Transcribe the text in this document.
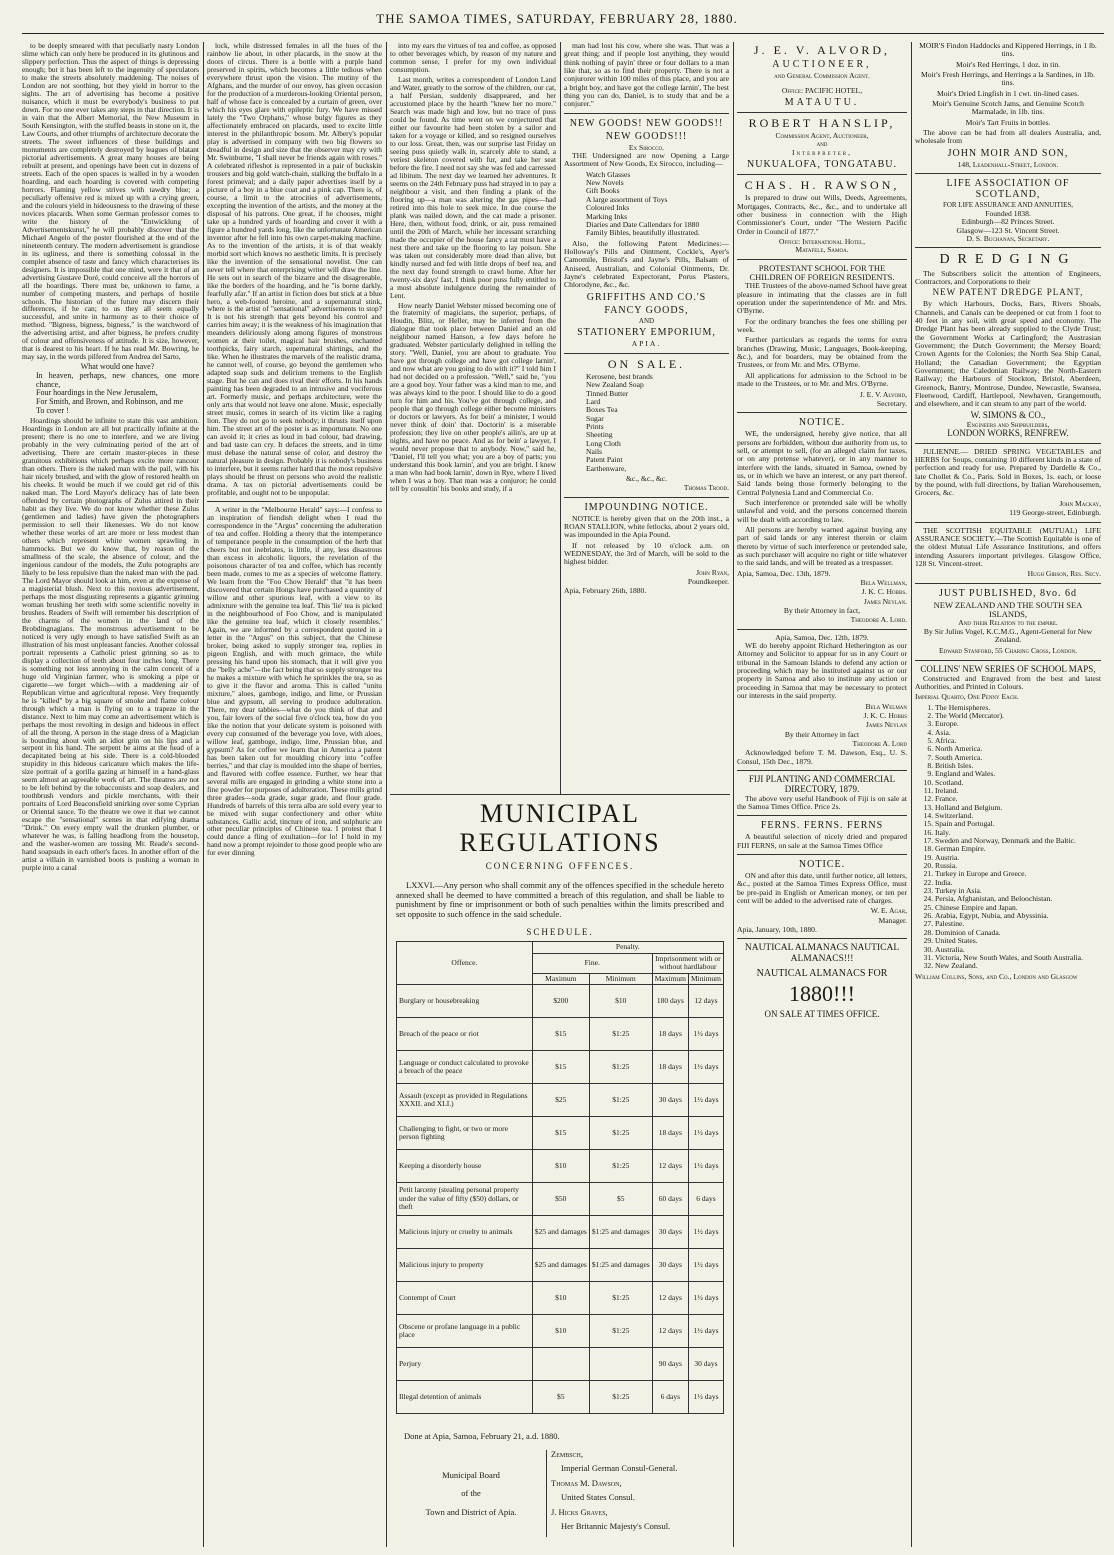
THE SAMOA TIMES, SATURDAY, FEBRUARY 28, 1880.

to be deeply smeared with that peculiarly nasty London slime which can only here be produced in its glutinous and slippery perfection. Thus the aspect of things is depressing enough; but it has been left to the ingenuity of speculators to make the streets absolutely maddening. The noises of London are not soothing, but they yield in horror to the sights. The art of advertising has become a positive nuisance, which it must be everybody's business to put down. For no one ever takes any steps in that direction. It is in vain that the Albert Memorial, the New Museum in South Kensington, with the stuffed beasts in stone on it, the Law Courts, and other triumphs of architecture decorate the streets. The sweet influences of these buildings and monuments are completely destroyed by leagues of blatant pictorial advertisements. A great many houses are being rebuilt at present, and openings have been cut in dozens of streets. Each of the open spaces is walled in by a wooden hoarding, and each hoarding is covered with competing horrors. Flaming yellow strives with tawdry blue; a peculiarly offensive red is mixed up with a crying green, and the colours yield in hideousness to the drawing of these novices placards. When some German professor comes to write the history of the "Entwicklung of Advertisementskunst," he will probably discover that the Michael Angelo of the poster flourished at the end of the nineteenth century. The modern advertisement is grandiose in its ugliness, and there is something colossal in the complet absence of taste and fancy which characterises its designers. It is impossible that one mind, were it that of an advertising Gustave Doré, could conceive all the horrors of all the hoardings. There must be, unknown to fame, a number of competing masters, and perhaps of hostile schools. The historian of the future may discern their differences, if he can; to us they all seem equally successful, and unite in harmony as to their choice of method. "Bigness, bigness, bigness," is the watchword of the advertising artist, and after bigness, he prefers crudity of colour and offensiveness of attitude. It is size, however, that is dearest to his heart. If he has read Mr. Bowring, he may say, in the words pilfered from Andrea del Sarto,

What would one have?
In heaven, perhaps, new chances, one more chance,
Four hoardings in the New Jerusalem,
For Smith, and Brown, and Robinson, and me
To cover !

Hoardings should be infinite to state this vast ambition. Hoardings in London are all but practically infinite at the present; there is no one to interfere, and we are living probably in the very culminating period of the art of advertising. There are certain master-pieces in these gratuitous exhibitions which perhaps excite more rancour than others. There is the naked man with the pail, with his hair nicely brushed, and with the glow of restored health on his cheeks. It would be much if we could get rid of this naked man. The Lord Mayor's delicacy has of late been offended by certain photographs of Zulus attired in their habit as they live. We do not know whether these Zulus (gentlemen and ladies) have given the photographers permission to sell their likenesses. We do not know whether these works of art are more or less modest than others which represent white women sprawling in hammocks. But we do know that, by reason of the smallness of the scale, the absence of colour, and the ingenious candour of the models, the Zulu potographs are likely to be less repulsive than the naked man with the pad. The Lord Mayor should look at him, even at the expense of a magisterial blush. Next to this noxious advertisement, perhaps the most disgusting represents a gigantic grinning woman brushing her teeth with some scientific novelty in brushes. Readers of Swift will remember his description of the charms of the women in the land of the Brobdingnagians. The monstrous advertisement to be noticed is very ugly enough to have satisfied Swift as an illustration of his most unpleasant fancies. Another colossal portrait represents a Catholic priest grinning so as to display a collection of teeth about four inches long. There is something not less annoying in the calm conceit of a huge old Virginian farmer, who is smoking a pipe or cigarette—we forget which—with a maddening air of Republican virtue and agricultural repose. Very frequently he is "killed" by a big square of smoke and flame colour through which a man is flying on to a trapeze in the distance. Next to him may come an advertisement which is perhaps the most revolting in design and hideous in effect of all the throng. A person in the stage dress of a Magician is bounding about with an idiot grin on his lips and a serpent in his hand. The serpent he aims at the head of a decapitated being at his side. There is a cold-blooded stupidity in this hideous caricature which makes the life-size portrait of a gorilla gazing at himself in a hand-glass seem almost an agreeable work of art. The theatres are not to be left behind by the tobacconists and soap dealers, and toothbrush vendors and pickle merchants, with their portraits of Lord Beaconsfield smirking over some Cyprian or Oriental sauce. To the theatre we owe it that we cannot escape the "sensational" scenes in that edifying drama "Drink." On every empty wall the drunken plumber, or whatever he was, is falling headlong from the housetop, and the washer-women are tossing Mr. Reade's second-hand soapsuds in each other's faces. In another effort of the artist a villain in varnished boots is pushing a woman in purple into a canal

lock, while distressed females in all the hues of the rainbow lie about, in other placards, in the snow at the doors of circus. There is a bottle with a purple hand preserved in spirits, which becomes a little tedious when everywhere thrust upon the vision. The mutiny of the Afghans, and the murder of our envoy, has given occasion for the production of a murderous-looking Oriental person, half of whose face is concealed by a curtain of green, over which his eyes glare with epileptic fury. We have missed lately the "Two Orphans," whose bulgy figures as they affectionately embraced on placards, used to excite little interest in the philanthropic bosom. Mr. Albery's popular play is advertised in company with two big flowers so dreadful in design and size that the observer may cry with Mr. Swinburne, "I shall never be friends again with roses." A celebrated rifleshot is represented in a pair of buckskin trousers and big gold watch-chain, stalking the buffalo in a forest primeval; and a daily paper advertises itself by a picture of a boy in a blue coat and a pink cap. There is, of course, a limit to the atrocities of advertisements, excepting the invention of the artists, and the money at the disposal of his patrons. One great, if he chooses, might take up a hundred yards of hoarding and cover it with a figure a hundred yards long, like the unfortunate American inventor after he fell into his own carpet-making machine. As to the invention of the artists, it is of that weakly morbid sort which knows no aesthetic limits. It is precisely like the invention of the sensational novelist. One can never tell where that enterprising writer will draw the line. He sets out in search of the bizarre and the disagreeable, like the borders of the hoarding, and he "is borne darkly, fearfully afar." If an artist in fiction does but stick at a blue hero, a web-footed heroine, and a supernatural stink, where is the artist of "sensational" advertisements to stop? It is not his strength that gets beyond his control and carries him away; it is the weakness of his imagination that meanders deliriously along among figures of monstrous women at their toilet, magical hair brushes, enchanted toothpicks, fairy starch, supernatural shirtings, and the like. When he illustrates the marvels of the realistic drama, he cannot well, of course, go beyond the gentlemen who adapted soap suds and delirium tremens to the English stage. But he can and does rival their efforts. In his hands painting has been degraded to an intrusive and vociferous art. Formerly music, and perhaps architecture, were the only arts that would not leave one alone. Music, especially street music, comes in search of its victim like a raging lion. They do not go to seek nobody; it thrusts itself upon him. The street art of the poster is as importunate. No one can avoid it; it cries as loud in bad colour, bad drawing, and bad taste can cry. It defaces the streets, and in time must debase the natural sense of color, and destroy the natural pleasure in design. Probably it is nobody's business to interfere, but it seems rather hard that the most repulsive plays should be thrust on persons who avoid the realistic drama. A tax on pictorial advertisements could be profitable, and ought not to be unpopular.

A writer in the "Melbourne Herald" says:—I confess to an inspiration of fiendish delight when I read the correspondence in the "Argus" concerning the adulteration of tea and coffee. Holding a theory that the intemperance of temperance people in the consumption of the herb that cheers but not inebriates, is little, if any, less disastrous than excess in alcoholic liquors, the revelation of the poisonous character of tea and coffee, which has recently been made, comes to me as a species of welcome flattery. We learn from the "Foo Chow Herald" that "it has been discovered that certain Hongs have purchased a quantity of willow and other spurious leaf, with a view to its admixture with the genuine tea leaf. This 'lie' tea is picked in the neighbourhood of Foo Chow, and is manipulated like the genuine tea leaf, which it closely resembles.' Again, we are informed by a correspondent quoted in a letter in the "Argus" on this subject, that the Chinese broker, being asked to supply stronger tea, replies in pigeon English, and with much grimace, the while pressing his hand upon his stomach, that it will give you the "belly ache"—the fact being that so supply stronger tea he makes a mixture with which he sprinkles the tea, so as to give it the flavor and aroma. This is called "unitu mixture," aloes, gamboge, indigo, and lime, or Prussian blue and gypsum, all serving to produce adulteration. There, my dear tabbies—what do you think of that and you, fair lovers of the social five o'clock tea, how do you like the notion that your delicate system is poisoned with every cup consumed of the beverage you love, with aloes, willow leaf, gamboge, indigo, lime, Prussian blue, and gypsum? As for coffee we learn that in America a patent has been taken out for moulding chicory into "coffee berries," and that clay is moulded into the shape of berries, and flavored with coffee essence. Further, we hear that several mills are engaged in grinding a white stone into a fine powder for purposes of adulteration. These mills grind three grades—soda grade, sugar grade, and flour grade. Hundreds of barrels of this terra alba are sold every year to be mixed with sugar confectionery and other white substances. Gallic acid, tincture of iron, and sulphuric are other peculiar principles of Chinese tea. I protest that I could dance a fling of exultation—for lo! I hold in my hand now a prompt rejoinder to those good people who are for ever dinning

into my ears the virtues of tea and coffee, as opposed to other beverages which, by reason of my nature and common sense, I prefer for my own individual consumption.

Last month, writes a correspondent of London Land and Water, greatly to the sorrow of the children, our cat, a half Persian, suddenly disappeared, and her accustomed place by the hearth "knew her no more." Search was made high and low, but no trace of puss could be found. As time went on we conjectured that either our favourite had been stolen by a sailor and taken for a voyage or killed, and so resigned ourselves to our loss. Great, then, was our surprise last Friday on seeing puss quietly walk in, scarcely able to stand, a veriest skeleton covered with fur, and take her seat before the fire. I need not say she was fed and carressed ad libitum. The next day we learned her adventures. It seems on the 24th February puss had strayed in to pay a neighbour a visit, and then finding a plank of the flooring up—a man was altering the gas pipes—had retired into this hole to seek mice. In due course the plank was nailed down, and the cat made a prisoner. Here, then, without food, drink, or air, puss remained until the 20th of March, while her incessant scratching made the occupier of the house fancy a rat must have a nest there and take up the flooring to lay poison. She was taken out considerably more dead than alive, but kindly nursed and fed with little drops of beef tea, and the next day found strength to crawl home. After her twenty-six days' fast, I think poor puss fully entitled to a most absolute indulgence during the remainder of Lent.

How nearly Daniel Webster missed becoming one of the fraternity of magicians, the superior, perhaps, of Houdin, Blitz, or Heller, may be inferred from the dialogue that took place between Daniel and an old neighbour named Hanson, a few days before he graduated. Webster particularly delighted in telling the story. "Well, Daniel, you are about to graduate. You have got through college and have got college larnin', and now what are you going to do with it?" I told him I had not decided on a profession. "Well," said he, "you are a good boy. Your father was a kind man to me, and was always kind to the poor. I should like to do a good turn for him and his. You've got through college, and people that go through college either become ministers or doctors or lawyers. As for bein' a minister, I would never think of doin' that. Doctorin' is a miserable profession; they live on other people's ailin's, are up at nights, and have no peace. And as for bein' a lawyer, I would never propose that to anybody. Now," said he, "Daniel, I'll tell you what; you are a boy of parts; you understand this book larnin', and you are bright. I knew a man who had book larnin', down in Rye, where I lived when I was a boy. That man was a conjuror; he could tell by consultin' his books and study, if a

man had lost his cow, where she was. That was a great thing; and if people lost anything, they would think nothing of payin' three or four dollars to a man like that, so as to find their property. There is not a conjurorer within 100 miles of this place, and you are a bright boy, and have got the college larnin', The best thing you can do, Daniel, is to study that and be a conjurer."

NEW GOODS! NEW GOODS!!
NEW GOODS!!!
Ex Sirocco.

THE Undersigned are now Opening a Large Assortment of New Goods, Ex Sirocco, including—

Watch Glasses
New Novels
Gift Books
A large assortment of Toys
Coloured Inks
Marking Inks
Diaries and Date Callendars for 1880
Family Bibles, beautifully illustrated.

Also, the following Patent Medicines:—Holloway's Pills and Ointment, Cockle's, Ayer's Camomile, Bristol's and Jayne's Pills, Balsam of Aniseed, Australian, and Colonial Ointments, Dr. Jayne's celebrated Expectorant, Porus Plasters, Chlorodyne, &c., &c.

GRIFFITHS AND CO.'S
FANCY GOODS,
AND
STATIONERY EMPORIUM,
APIA.
ON SALE.
Kerosene, best brands
New Zealand Soap
Tinned Butter
Lard
Boxes Tea
Sugar
Prints
Sheeting
Long Cloth
Nails
Patent Paint
Earthenware,
&c., &c., &c.
Thomas Trood.
IMPOUNDING NOTICE.

NOTICE is hereby given that on the 20th inst., a ROAN STALLION, white fetlocks, about 2 years old, was impounded in the Apia Pound.

If not released by 10 o'clock a.m. on WEDNESDAY, the 3rd of March, will be sold to the highest bidder.

John Ryan,
Poundkeeper.
Apia, February 26th, 1880.
MUNICIPAL REGULATIONS
CONCERNING OFFENCES.

LXXVI.—Any person who shall commit any of the offences specified in the schedule hereto annexed shall be deemed to have committed a breach of this regulation, and shall be liable to punishment by fine or imprisonment or both of such penalties within the limits prescribed and set opposite to such offence in the said schedule.

SCHEDULE.
Offence.	Penalty.			
	Fine.		Imprisonment with or without hardlabour	
	Maximum	Minimum	Maximum	Minimum
Burglary or housebreaking	$200	$10	180 days	12 days
Breach of the peace or riot	$15	$1:25	18 days	1½ days
Language or conduct calculated to provoke a breach of the peace	$15	$1:25	18 days	1½ days
Assault (except as provided in Regulations XXXII. and XLI.)	$25	$1:25	30 days	1½ days
Challenging to fight, or two or more person fighting	$15	$1:25	18 days	1½ days
Keeping a disorderly house	$10	$1:25	12 days	1½ days
Petit larceny (stealing personal property under the value of fifty ($50) dollars, or theft	$50	$5	60 days	6 days
Malicious injury or cruelty to animals	$25 and damages	$1:25 and damages	30 days	1½ days
Malicious injury to property	$25 and damages	$1:25 and damages	30 days	1½ days
Contempt of Court	$10	$1:25	12 days	1½ days
Obscene or profane language in a public place	$10	$1:25	12 days	1½ days
Perjury			90 days	30 days
Illegal detention of animals	$5	$1:25	6 days	1½ days
Done at Apia, Samoa, February 21, a.d. 1880.
Municipal Board
of the
Town and District of Apia.
Zembsch,
Imperial German Consul-General.
Thomas M. Dawson,
United States Consul.
J. Hicks Graves,
Her Britannic Majesty's Consul.
J. E. V. ALVORD,
AUCTIONEER,
and General Commission Agent.
Office: PACIFIC HOTEL,
MATAUTU.
ROBERT HANSLIP,
Commission Agent, Auctioneer,
and
Interpreter,
NUKUALOFA, TONGATABU.
CHAS. H. RAWSON,

Is prepared to draw out Wills, Deeds, Agreements, Mortgages, Contracts, &c., &c., and to undertake all other business in connection with the High Commissioner's Court, under "The Western Pacific Order in Council of 1877."

Office: International Hotel,
Matafele, Samoa.
PROTESTANT SCHOOL FOR THE CHILDREN OF FOREIGN RESIDENTS.

THE Trustees of the above-named School have great pleasure in intimating that the classes are in full operation under the superintendence of Mr. and Mrs. O'Byrne.

For the ordinary branches the fees one shilling per week.

Further particulars as regards the terms for extra branches (Drawing, Music, Languages, Book-keeping, &c.), and for boarders, may be obtained from the Trustees, or from Mr. and Mrs. O'Byrne.

All applications for admission to the School to be made to the Trustees, or to Mr. and Mrs. O'Byrne.

J. E. V. Alvord,
Secretary.
NOTICE.

WE, the undersigned, hereby give notice, that all persons are forbidden, without due authority from us, to sell, or attempt to sell, (for an alleged claim for taxes, or on any pretense whatever), or in any manner to interfere with the lands, situated in Samoa, owned by us, or in which we have an interest, or any part thereof. Said lands being those formerly belonging to the Central Polynesia Land and Commercial Co.

Such interference or pretended sale will be wholly unlawful and void, and the persons concerned therein will be dealt with according to law.

All persons are hereby warned against buying any part of said lands or any interest therein or claim thereto by virtue of such interference or pretended sale, as such purchaser will acquire no right or title whatever to the said lands, and will be treated as a trespasser.

Apia, Samoa, Dec. 13th, 1879.
Bela Wellman,
J. K. C. Hobbs.
James Neylan.
By their Attorney in fact,
Theodore A. Lord.
Apia, Samoa, Dec. 12th, 1879.

WE do hereby appoint Richard Hetherington as our Attorney and Solicitor to appear for us in any Court or tribunal in the Samoan Islands to defend any action or proceeding which may be instituted against us or our property in Samoa and also to institute any action or proceeding in Samoa that may be necessary to protect our interests in the said property.

Bela Welman
J. K. C. Hobbs
James Neylan
By their Attorney in fact
Theodore A. Lord

Acknowledged before T. M. Dawson, Esq., U. S. Consul, 15th Dec., 1879.

FIJI PLANTING AND COMMERCIAL DIRECTORY, 1879.

The above very useful Handbook of Fiji is on sale at the Samoa Times Office. Price 2s.

FERNS. FERNS. FERNS

A beautiful selection of nicely dried and prepared FIJI FERNS, on sale at the Samoa Times Office

NOTICE.

ON and after this date, until further notice, all letters, &c., posted at the Samoa Times Express Office, must be pre-paid in English or American money, or ten per cent will be added to the advertised rate of charges.

W. E. Agar,
Manager.
Apia, January, 10th, 1880.
NAUTICAL ALMANACS NAUTICAL ALMANACS!!!
NAUTICAL ALMANACS FOR
1880!!!
ON SALE AT TIMES OFFICE.

MOIR'S Findon Haddocks and Kippered Herrings, in 1 lb. tins.

Moir's Red Herrings, 1 doz. in tin.

Moir's Fresh Herrings, and Herrings a la Sardines, in 1lb. tins.

Moir's Dried Lingfish in 1 cwt. tin-lined cases.

Moir's Genuine Scotch Jams, and Genuine Scotch Marmalade, in 1lb. tins.

Moir's Tart Fruits in bottles.

The above can be had from all dealers Australia, and, wholesale from

JOHN MOIR AND SON,
148, Leadenhall-Street, London.
LIFE ASSOCIATION OF SCOTLAND,
FOR LIFE ASSURANCE AND ANNUITIES,
Founded 1838.
Edinburgh—82 Princes Street.
Glasgow—123 St. Vincent Street.
D. S. Buchanan, Secretary.
DREDGING

The Subscribers solicit the attention of Engineers, Contractors, and Corporations to their

NEW PATENT DREDGE PLANT,

By which Harbours, Docks, Bars, Rivers Shoals, Channels, and Canals can be deepened or cut from 1 foot to 40 feet in any soil, with great speed and economy. The Dredge Plant has been already supplied to the Clyde Trust; the Government Works at Carlingford; the Austrasian Government; the Dutch Government; the Mersey Board; Crown Agents for the Colonies; the North Sea Ship Canal, Holland; the Canadian Government; the Egyptian Government; the Caledonian Railway; the North-Eastern Railway; the Harbours of Stockton, Bristol, Aberdeen, Greenock, Bantry, Montrose, Dundee, Newcastle, Swansea, Fleetwood, Cardiff, Hartlepool, Newhaven, Grangemouth, and elsewhere, and it can steam to any part of the world.

W. SIMONS & CO.,
Engineers and Shipbuilders,
LONDON WORKS, RENFREW.

JULIENNE.— DRIED SPRING VEGETABLES and HERBS for Soups, containing 10 different kinds in a state of perfection and ready for use. Prepared by Dardelle & Co., late Chollet & Co., Paris. Sold in Boxes, 1s. each, or loose by the pound, with full directions, by Italian Warehousemen, Grocers, &c.

John Mackay,
119 George-street, Edinburgh.

THE SCOTTISH EQUITABLE (MUTUAL) LIFE ASSURANCE SOCIETY.—The Scottish Equitable is one of the oldest Mutual Life Assurance Institutions, and offers intending Assurers important privileges. Glasgow Office, 128 St. Vincent-street.

Hugh Gibson, Res. Secy.
JUST PUBLISHED, 8vo. 6d
NEW ZEALAND AND THE SOUTH SEA ISLANDS,
And their Relation to the empire.
By Sir Julius Vogel, K.C.M.G., Agent-General for New Zealand.
Edward Stanford, 55 Charing Cross, London.
COLLINS' NEW SERIES OF SCHOOL MAPS,

Constructed and Engraved from the best and latest Authorities, and Printed in Colours.

Imperial Quarto, One Penny Each.
1. The Hemispheres.
2. The World (Mercator).
3. Europe.
4. Asia.
5. Africa.
6. North America.
7. South America.
8. British Isles.
9. England and Wales.
10. Scotland.
11. Ireland.
12. France.
13. Holland and Belgium.
14. Switzerland.
15. Spain and Portugal.
16. Italy.
17. Sweden and Norway, Denmark and the Baltic.
18. German Empire.
19. Austria.
20. Russia.
21. Turkey in Europe and Greece.
22. India.
23. Turkey in Asia.
24. Persia, Afghanistan, and Beloochistan.
25. Chinese Empire and Japan.
26. Arabia, Egypt, Nubia, and Abyssinia.
27. Palestine.
28. Dominion of Canada.
29. United States.
30. Australia.
31. Victoria, New South Wales, and South Australia.
32. New Zealand.
William Collins, Sons, and Co., London and Glasgow
